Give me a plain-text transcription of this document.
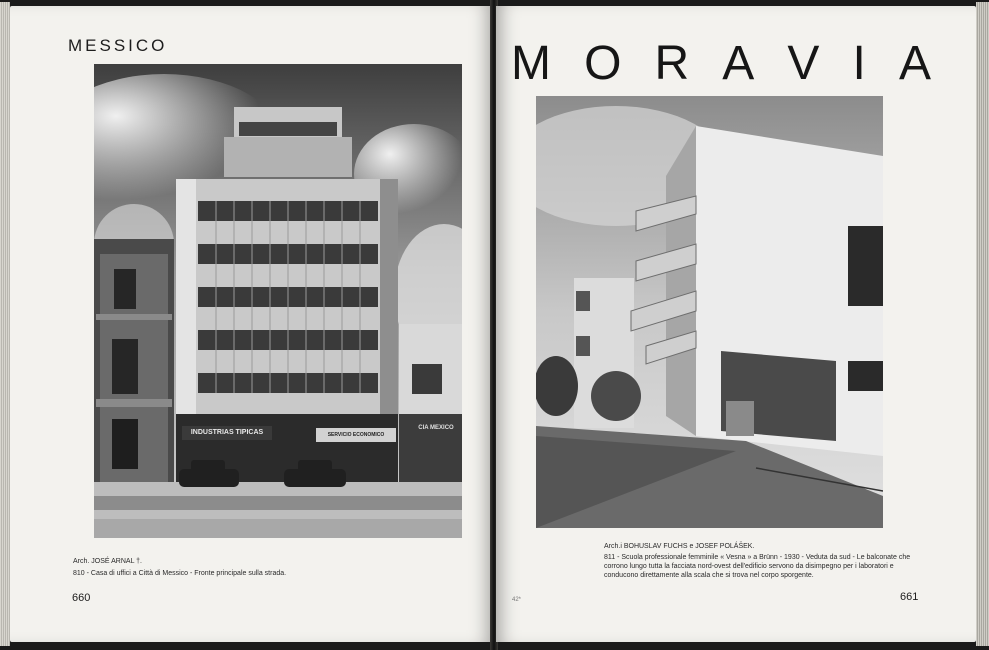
MESSICO
INDUSTRIAS TIPICAS	SERVICIO ECONOMICO
CIA MEXICO
Arch. JOSÉ ARNAL †.
810 - Casa di uffici a Città di Messico - Fronte principale sulla strada.
660
M O R A V I A
Arch.i BOHUSLAV FUCHS e JOSEF POLÁŠEK.
811 - Scuola professionale femminile « Vesna » a Brünn - 1930 - Veduta da sud - Le balconate che corrono lungo tutta la facciata nord-ovest dell'edificio servono da disimpegno per i laboratori e conducono direttamente alla scala che si trova nel corpo sporgente.
42*	661
